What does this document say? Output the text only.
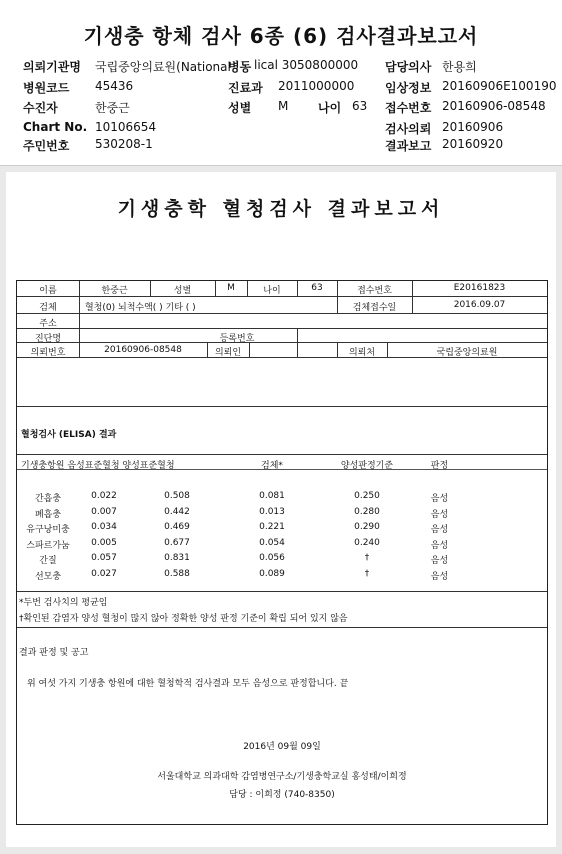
기생충 항체 검사 6종 (6) 검사결과보고서
의뢰기관명 국립중앙의료원(National
병동 lical 3050800000 담당의사 한용희
병원코드 45436	진료과 2011000000	임상정보 20160906E100190
수진자	한중근	성별 M 나이 63 접수번호 20160906-08548
Chart No. 10106654	검사의뢰 20160906
주민번호 530208-1	결과보고 20160920
기생충학 혈청검사 결과보고서
이름	한중근	성별	M	나이	63	접수번호	E20161823
검체	혈청(0) 뇌척수액( ) 기타 ( )	검체접수일	2016.09.07
주소
진단명	등록번호
의뢰번호	20160906-08548	의뢰인	의뢰처	국립중앙의료원
혈청검사 (ELISA) 결과
기생충항원 음성표준혈청 양성표준혈청	검체*	양성판정기준	판정
간흡충	0.022	0.508	0.081	0.250	음성
폐흡충	0.007	0.442	0.013	0.280	음성
유구낭미충	0.034	0.469	0.221	0.290	음성
스파르가눔	0.005	0.677	0.054	0.240	음성
간질	0.057	0.831	0.056	†	음성
선모충	0.027	0.588	0.089	†	음성
*두번 검사치의 평균임
†확인된 감염자 양성 혈청이 많지 않아 정확한 양성 판정 기준이 확립 되어 있지 않음
결과 판정 및 공고
위 여섯 가지 기생충 항원에 대한 혈청학적 검사결과 모두 음성으로 판정합니다. 끝
2016년 09월 09일
서울대학교 의과대학 감염병연구소/기생충학교실 홍성태/이희정
담당 : 이희정 (740-8350)
